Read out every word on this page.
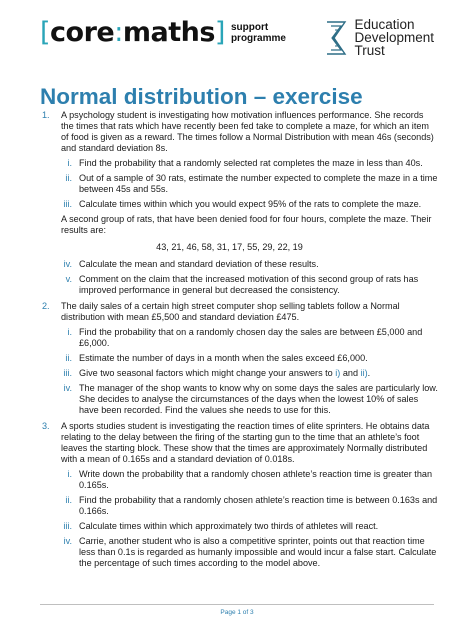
[core:maths] support
programme
Education
Development
Trust
Normal distribution – exercise
1. A psychology student is investigating how motivation influences performance. She records the times that rats which have recently been fed take to complete a maze, for which an item of food is given as a reward. The times follow a Normal Distribution with mean 46s (seconds) and standard deviation 8s.
i. Find the probability that a randomly selected rat completes the maze in less than 40s.
ii. Out of a sample of 30 rats, estimate the number expected to complete the maze in a time between 45s and 55s.
iii. Calculate times within which you would expect 95% of the rats to complete the maze.
A second group of rats, that have been denied food for four hours, complete the maze. Their results are:
43, 21, 46, 58, 31, 17, 55, 29, 22, 19
iv. Calculate the mean and standard deviation of these results.
v. Comment on the claim that the increased motivation of this second group of rats has improved performance in general but decreased the consistency.
2. The daily sales of a certain high street computer shop selling tablets follow a Normal distribution with mean £5,500 and standard deviation £475.
i. Find the probability that on a randomly chosen day the sales are between £5,000 and £6,000.
ii. Estimate the number of days in a month when the sales exceed £6,000.
iii. Give two seasonal factors which might change your answers to i) and ii).
iv. The manager of the shop wants to know why on some days the sales are particularly low. She decides to analyse the circumstances of the days when the lowest 10% of sales have been recorded. Find the values she needs to use for this.
3. A sports studies student is investigating the reaction times of elite sprinters. He obtains data relating to the delay between the firing of the starting gun to the time that an athlete’s foot leaves the starting block. These show that the times are approximately Normally distributed with a mean of 0.165s and a standard deviation of 0.018s.
i. Write down the probability that a randomly chosen athlete’s reaction time is greater than 0.165s.
ii. Find the probability that a randomly chosen athlete’s reaction time is between 0.163s and 0.166s.
iii. Calculate times within which approximately two thirds of athletes will react.
iv. Carrie, another student who is also a competitive sprinter, points out that reaction time less than 0.1s is regarded as humanly impossible and would incur a false start. Calculate the percentage of such times according to the model above.
Page 1 of 3
